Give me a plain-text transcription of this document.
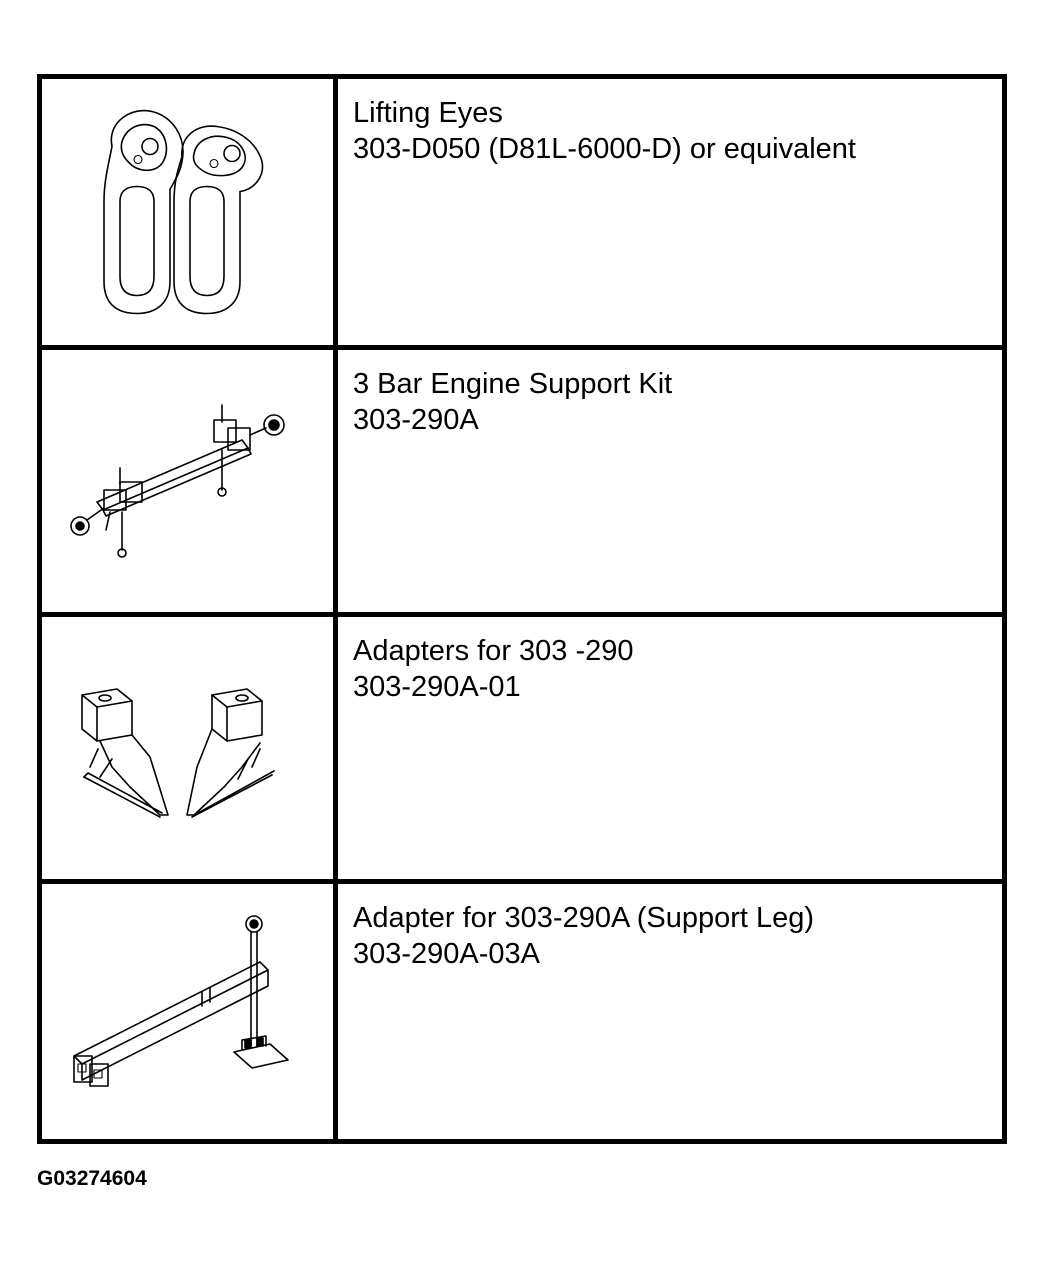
Lifting Eyes
303-D050 (D81L-6000-D) or equivalent
3 Bar Engine Support Kit
303-290A
Adapters for 303 -290
303-290A-01
Adapter for 303-290A (Support Leg)
303-290A-03A
G03274604
